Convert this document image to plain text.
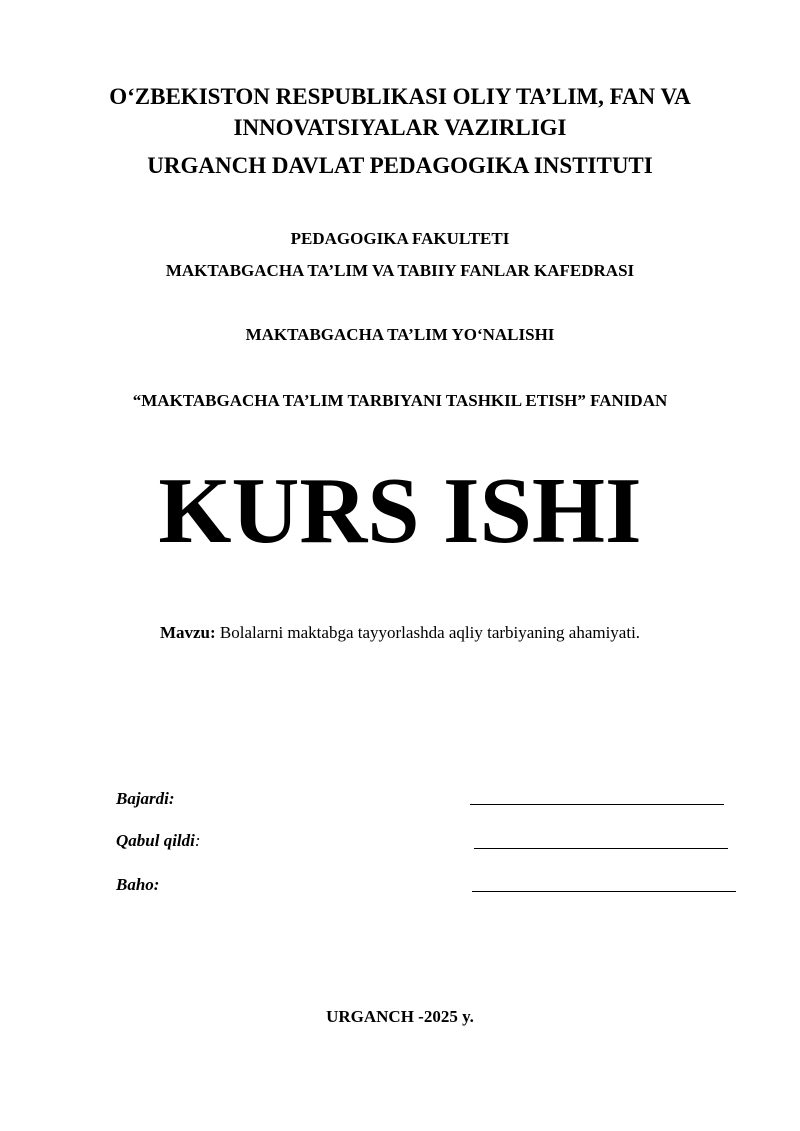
O‘ZBEKISTON RESPUBLIKASI OLIY TA’LIM, FAN VA
INNOVATSIYALAR VAZIRLIGI
URGANCH DAVLAT PEDAGOGIKA INSTITUTI
PEDAGOGIKA FAKULTETI
MAKTABGACHA TA’LIM VA TABIIY FANLAR KAFEDRASI
MAKTABGACHA TA’LIM YO‘NALISHI
“MAKTABGACHA TA’LIM TARBIYANI TASHKIL ETISH” FANIDAN
KURS ISHI
Mavzu: Bolalarni maktabga tayyorlashda aqliy tarbiyaning ahamiyati.
Bajardi:
Qabul qildi:
Baho:
URGANCH -2025 y.
